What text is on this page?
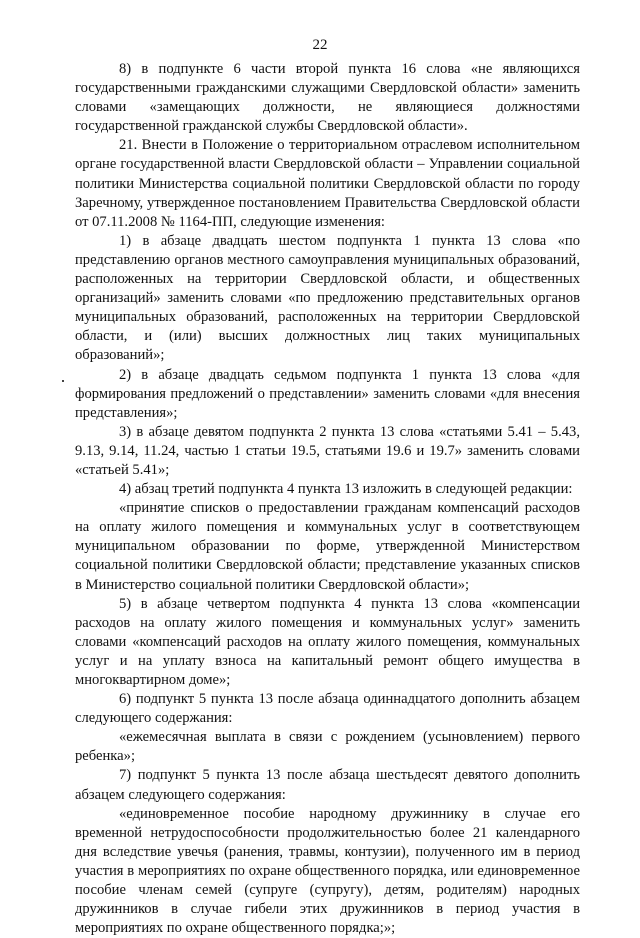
22

8) в подпункте 6 части второй пункта 16 слова «не являющихся государственными гражданскими служащими Свердловской области» заменить словами «замещающих должности, не являющиеся должностями государственной гражданской службы Свердловской области».

21. Внести в Положение о территориальном отраслевом исполнительном органе государственной власти Свердловской области – Управлении социальной политики Министерства социальной политики Свердловской области по городу Заречному, утвержденное постановлением Правительства Свердловской области от 07.11.2008 № 1164-ПП, следующие изменения:

1) в абзаце двадцать шестом подпункта 1 пункта 13 слова «по представлению органов местного самоуправления муниципальных образований, расположенных на территории Свердловской области, и общественных организаций» заменить словами «по предложению представительных органов муниципальных образований, расположенных на территории Свердловской области, и (или) высших должностных лиц таких муниципальных образований»;

2) в абзаце двадцать седьмом подпункта 1 пункта 13 слова «для формирования предложений о представлении» заменить словами «для внесения представления»;

3) в абзаце девятом подпункта 2 пункта 13 слова «статьями 5.41 – 5.43, 9.13, 9.14, 11.24, частью 1 статьи 19.5, статьями 19.6 и 19.7» заменить словами «статьей 5.41»;

4) абзац третий подпункта 4 пункта 13 изложить в следующей редакции:

«принятие списков о предоставлении гражданам компенсаций расходов на оплату жилого помещения и коммунальных услуг в соответствующем муниципальном образовании по форме, утвержденной Министерством социальной политики Свердловской области; представление указанных списков в Министерство социальной политики Свердловской области»;

5) в абзаце четвертом подпункта 4 пункта 13 слова «компенсации расходов на оплату жилого помещения и коммунальных услуг» заменить словами «компенсаций расходов на оплату жилого помещения, коммунальных услуг и на уплату взноса на капитальный ремонт общего имущества в многоквартирном доме»;

6) подпункт 5 пункта 13 после абзаца одиннадцатого дополнить абзацем следующего содержания:

«ежемесячная выплата в связи с рождением (усыновлением) первого ребенка»;

7) подпункт 5 пункта 13 после абзаца шестьдесят девятого дополнить абзацем следующего содержания:

«единовременное пособие народному дружиннику в случае его временной нетрудоспособности продолжительностью более 21 календарного дня вследствие увечья (ранения, травмы, контузии), полученного им в период участия в мероприятиях по охране общественного порядка, или единовременное пособие членам семей (супруге (супругу), детям, родителям) народных дружинников в случае гибели этих дружинников в период участия в мероприятиях по охране общественного порядка;»;
